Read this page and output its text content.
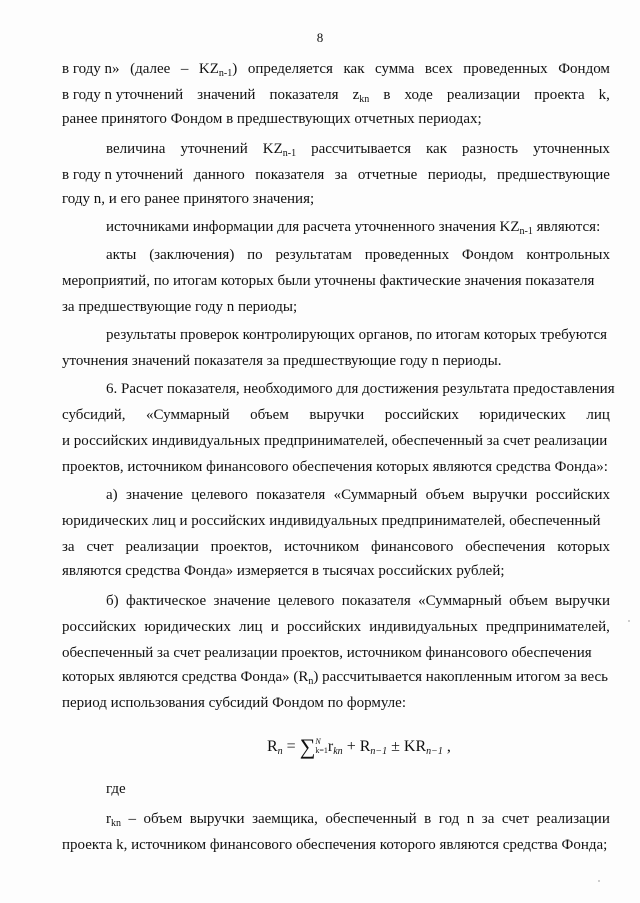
8
в году n» (далее – $KZ_{n-1}$) определяется как сумма всех проведенных Фондом
в году n уточнений значений показателя $z_{kn}$ в ходе реализации проекта k,
ранее принятого Фондом в предшествующих отчетных периодах;
величина уточнений $KZ_{n-1}$ рассчитывается как разность уточненных
в году n уточнений данного показателя за отчетные периоды, предшествующие
году n, и его ранее принятого значения;
источниками информации для расчета уточненного значения $KZ_{n-1}$ являются:
акты (заключения) по результатам проведенных Фондом контрольных
мероприятий, по итогам которых были уточнены фактические значения показателя
за предшествующие году n периоды;
результаты проверок контролирующих органов, по итогам которых требуются
уточнения значений показателя за предшествующие году n периоды.
6. Расчет показателя, необходимого для достижения результата предоставления
субсидий, «Суммарный объем выручки российских юридических лиц
и российских индивидуальных предпринимателей, обеспеченный за счет реализации
проектов, источником финансового обеспечения которых являются средства Фонда»:
а) значение целевого показателя «Суммарный объем выручки российских
юридических лиц и российских индивидуальных предпринимателей, обеспеченный
за счет реализации проектов, источником финансового обеспечения которых
являются средства Фонда» измеряется в тысячах российских рублей;
б) фактическое значение целевого показателя «Суммарный объем выручки
российских юридических лиц и российских индивидуальных предпринимателей,
обеспеченный за счет реализации проектов, источником финансового обеспечения
которых являются средства Фонда» $(R_n)$ рассчитывается накопленным итогом за весь
период использования субсидий Фондом по формуле:
$R_n$ = ∑ N
k=1 $r_{kn} + R_{n-1} \pm KR_{n-1}$ ,
где
$r_{kn}$ – объем выручки заемщика, обеспеченный в год n за счет реализации
проекта k, источником финансового обеспечения которого являются средства Фонда;
